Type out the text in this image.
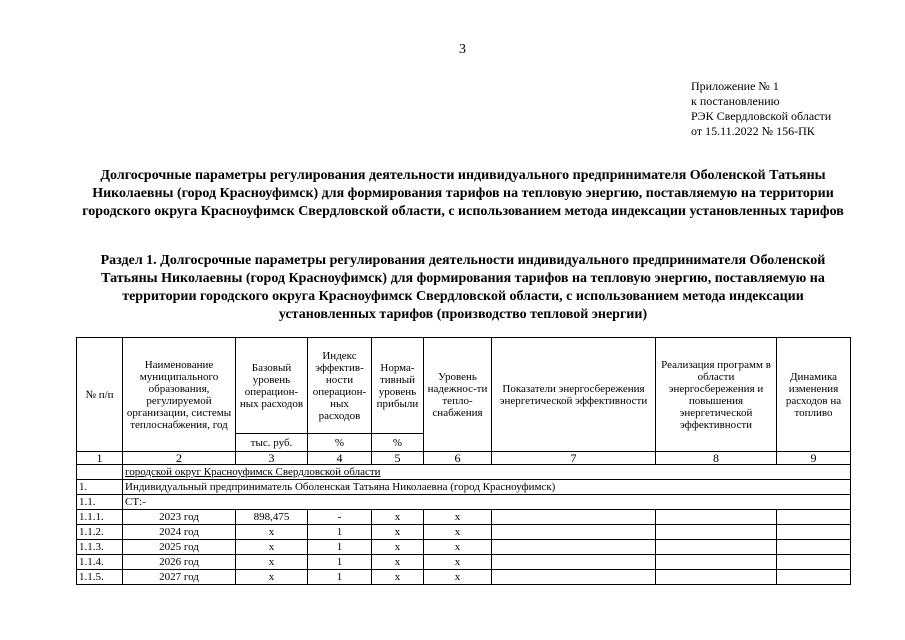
3
Приложение № 1
к постановлению
РЭК Свердловской области
от 15.11.2022 № 156-ПК
Долгосрочные параметры регулирования деятельности индивидуального предпринимателя Оболенской Татьяны Николаевны (город Красноуфимск) для формирования тарифов на тепловую энергию, поставляемую на территории городского округа Красноуфимск Свердловской области, с использованием метода индексации установленных тарифов
Раздел 1. Долгосрочные параметры регулирования деятельности индивидуального предпринимателя Оболенской Татьяны Николаевны (город Красноуфимск) для формирования тарифов на тепловую энергию, поставляемую на территории городского округа Красноуфимск Свердловской области, с использованием метода индексации установленных тарифов (производство тепловой энергии)
№ п/п	Наименование муниципального образования, регулируемой организации, системы теплоснабжения, год	Базовый уровень операцион-ных расходов	Индекс эффектив-ности операцион-ных расходов	Норма-тивный уровень прибыли	Уровень надежнос-ти тепло-снабжения	Показатели энергосбережения энергетической эффективности	Реализация программ в области энергосбережения и повышения энергетической эффективности	Динамика изменения расходов на топливо
		тыс. руб.	%	%				
1	2	3	4	5	6	7	8	9
	городской округ Красноуфимск Свердловской области							
1.	Индивидуальный предприниматель Оболенская Татьяна Николаевна (город Красноуфимск)							
1.1.	СТ:-							
1.1.1.	2023 год	898,475	-	x	x			
1.1.2.	2024 год	x	1	x	x			
1.1.3.	2025 год	x	1	x	x			
1.1.4.	2026 год	x	1	x	x			
1.1.5.	2027 год	x	1	x	x			
